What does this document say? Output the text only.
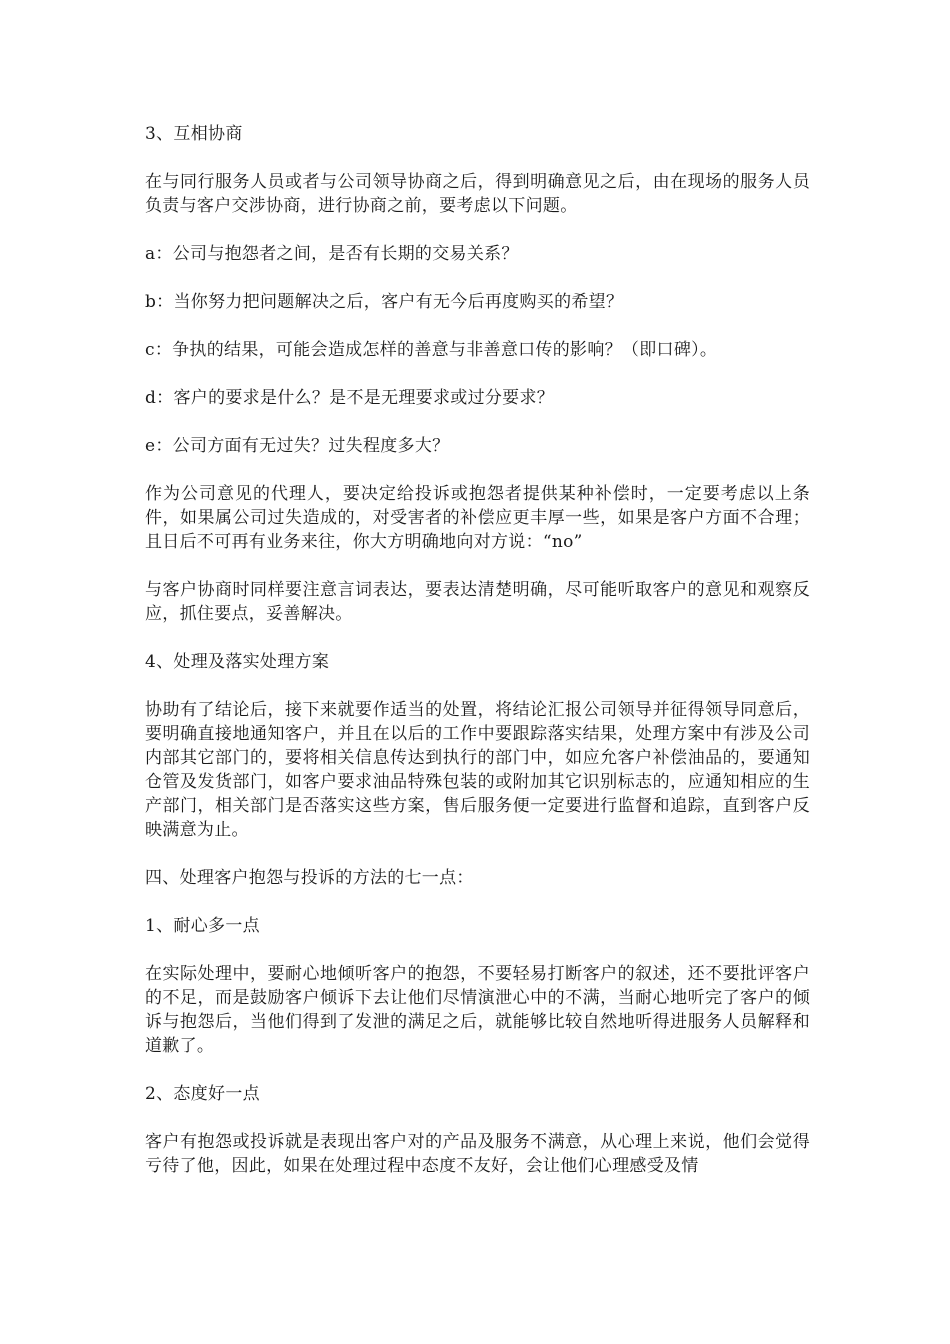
3、互相协商

在与同行服务人员或者与公司领导协商之后，得到明确意见之后，由在现场的服务人员负责与客户交涉协商，进行协商之前，要考虑以下问题。

a：公司与抱怨者之间，是否有长期的交易关系？

b：当你努力把问题解决之后，客户有无今后再度购买的希望？

c：争执的结果，可能会造成怎样的善意与非善意口传的影响？（即口碑）。

d：客户的要求是什么？是不是无理要求或过分要求？

e：公司方面有无过失？过失程度多大？

作为公司意见的代理人，要决定给投诉或抱怨者提供某种补偿时，一定要考虑以上条件，如果属公司过失造成的，对受害者的补偿应更丰厚一些，如果是客户方面不合理；且日后不可再有业务来往，你大方明确地向对方说：“no”

与客户协商时同样要注意言词表达，要表达清楚明确，尽可能听取客户的意见和观察反应，抓住要点，妥善解决。

4、处理及落实处理方案

协助有了结论后，接下来就要作适当的处置，将结论汇报公司领导并征得领导同意后，要明确直接地通知客户，并且在以后的工作中要跟踪落实结果，处理方案中有涉及公司内部其它部门的，要将相关信息传达到执行的部门中，如应允客户补偿油品的，要通知仓管及发货部门，如客户要求油品特殊包装的或附加其它识别标志的，应通知相应的生产部门，相关部门是否落实这些方案，售后服务便一定要进行监督和追踪，直到客户反映满意为止。

四、处理客户抱怨与投诉的方法的七一点：

1、耐心多一点

在实际处理中，要耐心地倾听客户的抱怨，不要轻易打断客户的叙述，还不要批评客户的不足，而是鼓励客户倾诉下去让他们尽情演泄心中的不满，当耐心地听完了客户的倾诉与抱怨后，当他们得到了发泄的满足之后，就能够比较自然地听得进服务人员解释和道歉了。

2、态度好一点

客户有抱怨或投诉就是表现出客户对的产品及服务不满意，从心理上来说，他们会觉得亏待了他，因此，如果在处理过程中态度不友好，会让他们心理感受及情
